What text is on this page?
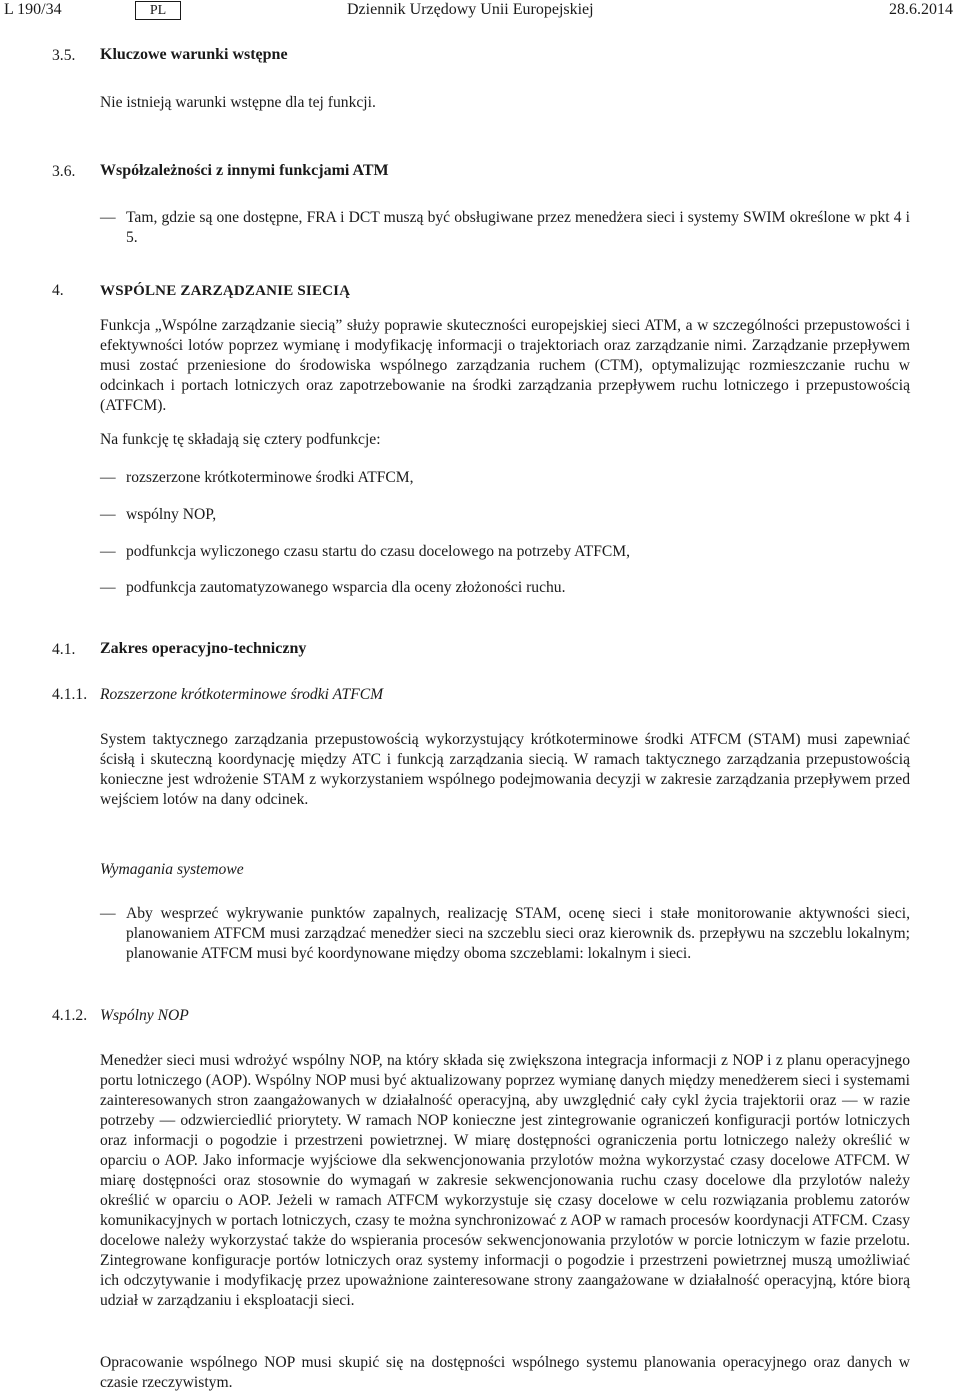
L 190/34	PL	Dziennik Urzędowy Unii Europejskiej	28.6.2014
3.5. Kluczowe warunki wstępne

Nie istnieją warunki wstępne dla tej funkcji.

3.6. Współzależności z innymi funkcjami ATM
— Tam, gdzie są one dostępne, FRA i DCT muszą być obsługiwane przez menedżera sieci i systemy SWIM określone w pkt 4 i 5.

4. WSPÓLNE ZARZĄDZANIE SIECIĄ

Funkcja „Wspólne zarządzanie siecią” służy poprawie skuteczności europejskiej sieci ATM, a w szczególności przepustowości i efektywności lotów poprzez wymianę i modyfikację informacji o trajektoriach oraz zarządzanie nimi. Zarządzanie przepływem musi zostać przeniesione do środowiska wspólnego zarządzania ruchem (CTM), optymalizując rozmieszczanie ruchu w odcinkach i portach lotniczych oraz zapotrzebowanie na środki zarządzania przepływem ruchu lotniczego i przepustowością (ATFCM).

Na funkcję tę składają się cztery podfunkcje:

— rozszerzone krótkoterminowe środki ATFCM,

— wspólny NOP,

— podfunkcja wyliczonego czasu startu do czasu docelowego na potrzeby ATFCM,

— podfunkcja zautomatyzowanego wsparcia dla oceny złożoności ruchu.

4.1. Zakres operacyjno-techniczny
4.1.1. Rozszerzone krótkoterminowe środki ATFCM

System taktycznego zarządzania przepustowością wykorzystujący krótkoterminowe środki ATFCM (STAM) musi zapewniać ścisłą i skuteczną koordynację między ATC i funkcją zarządzania siecią. W ramach taktycznego zarządzania przepustowością konieczne jest wdrożenie STAM z wykorzystaniem wspólnego podejmowania decyzji w zakresie zarządzania przepływem przed wejściem lotów na dany odcinek.

Wymagania systemowe
— Aby wesprzeć wykrywanie punktów zapalnych, realizację STAM, ocenę sieci i stałe monitorowanie aktywności sieci, planowaniem ATFCM musi zarządzać menedżer sieci na szczeblu sieci oraz kierownik ds. przepływu na szczeblu lokalnym; planowanie ATFCM musi być koordynowane między oboma szczeblami: lokalnym i sieci.

4.1.2. Wspólny NOP

Menedżer sieci musi wdrożyć wspólny NOP, na który składa się zwiększona integracja informacji z NOP i z planu operacyjnego portu lotniczego (AOP). Wspólny NOP musi być aktualizowany poprzez wymianę danych między menedżerem sieci i systemami zainteresowanych stron zaangażowanych w działalność operacyjną, aby uwzględnić cały cykl życia trajektorii oraz — w razie potrzeby — odzwierciedlić priorytety. W ramach NOP konieczne jest zintegrowanie ograniczeń konfiguracji portów lotniczych oraz informacji o pogodzie i przestrzeni powietrznej. W miarę dostępności ograniczenia portu lotniczego należy określić w oparciu o AOP. Jako informacje wyjściowe dla sekwencjonowania przylotów można wykorzystać czasy docelowe ATFCM. W miarę dostępności oraz stosownie do wymagań w zakresie sekwencjonowania ruchu czasy docelowe dla przylotów należy określić w oparciu o AOP. Jeżeli w ramach ATFCM wykorzystuje się czasy docelowe w celu rozwiązania problemu zatorów komunikacyjnych w portach lotniczych, czasy te można synchronizować z AOP w ramach procesów koordynacji ATFCM. Czasy docelowe należy wykorzystać także do wspierania procesów sekwencjonowania przylotów w porcie lotniczym w fazie przelotu. Zintegrowane konfiguracje portów lotniczych oraz systemy informacji o pogodzie i przestrzeni powietrznej muszą umożliwiać ich odczytywanie i modyfikację przez upoważnione zainteresowane strony zaangażowane w działalność operacyjną, które biorą udział w zarządzaniu i eksploatacji sieci.

Opracowanie wspólnego NOP musi skupić się na dostępności wspólnego systemu planowania operacyjnego oraz danych w czasie rzeczywistym.
